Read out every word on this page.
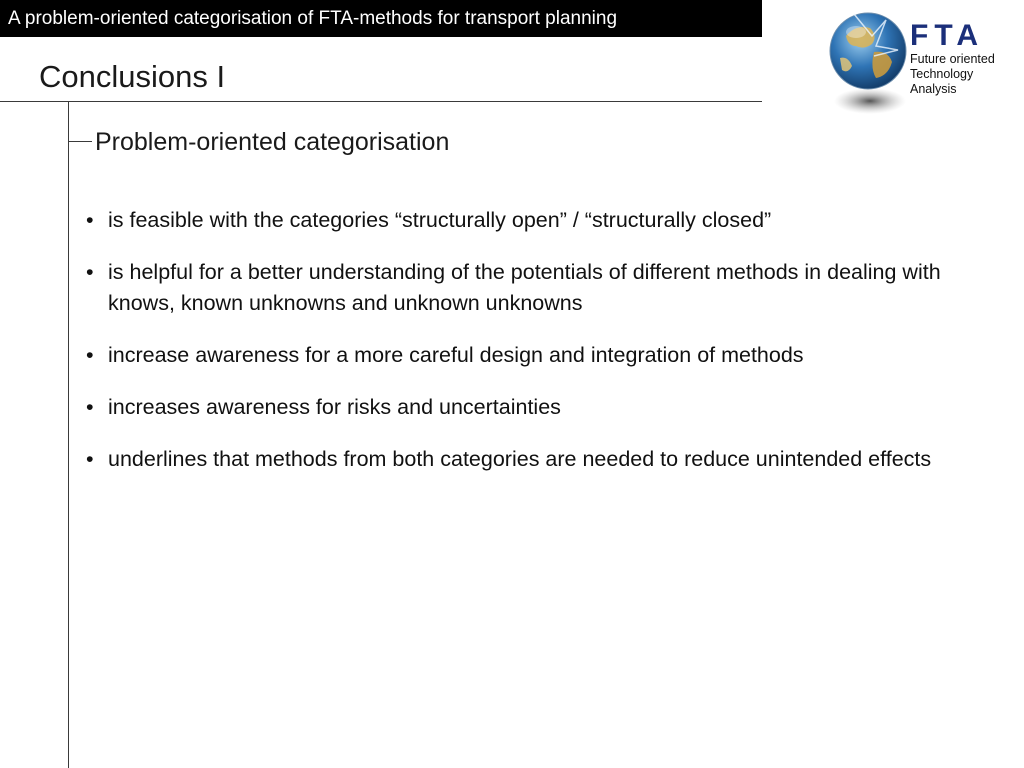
A problem-oriented categorisation of FTA-methods for transport planning
Conclusions I
Problem-oriented categorisation
• is feasible with the categories “structurally open” / “structurally closed”
• is helpful for a better understanding of the potentials of different methods in dealing with knows, known unknowns and unknown unknowns
• increase awareness for a more careful design and integration of methods
• increases awareness for risks and uncertainties
• underlines that methods from both categories are needed to reduce unintended effects
FTA
Future oriented
Technology
Analysis
